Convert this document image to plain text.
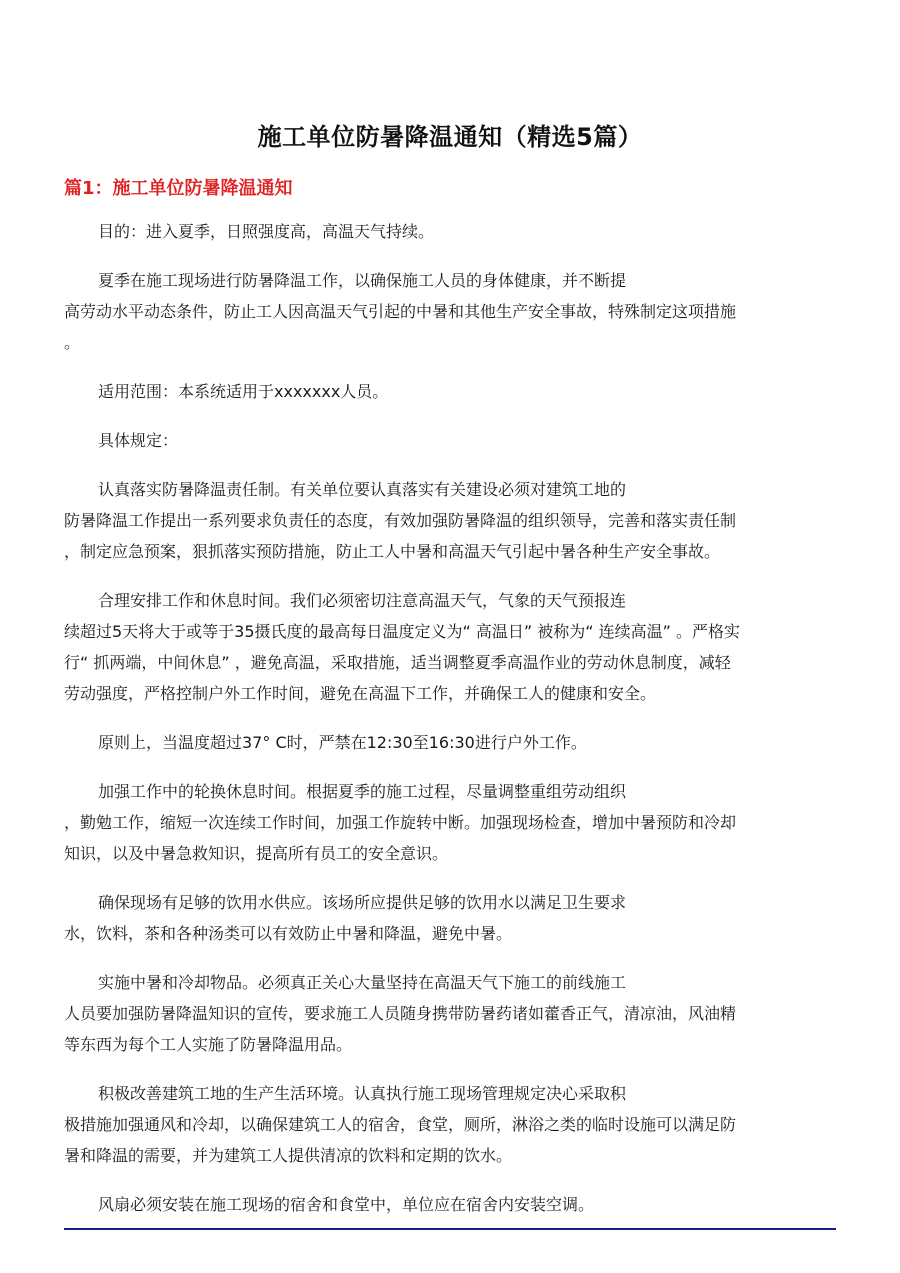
施工单位防暑降温通知（精选5篇）
篇1：施工单位防暑降温通知

目的：进入夏季，日照强度高，高温天气持续。

夏季在施工现场进行防暑降温工作，以确保施工人员的身体健康，并不断提
高劳动水平动态条件，防止工人因高温天气引起的中暑和其他生产安全事故，特殊制定这项措施
。

适用范围：本系统适用于xxxxxxx人员。

具体规定：

认真落实防暑降温责任制。有关单位要认真落实有关建设必须对建筑工地的
防暑降温工作提出一系列要求负责任的态度，有效加强防暑降温的组织领导，完善和落实责任制
，制定应急预案，狠抓落实预防措施，防止工人中暑和高温天气引起中暑各种生产安全事故。

合理安排工作和休息时间。我们必须密切注意高温天气，气象的天气预报连
续超过5天将大于或等于35摄氏度的最高每日温度定义为“ 高温日” 被称为“ 连续高温” 。严格实
行“ 抓两端，中间休息” ，避免高温，采取措施，适当调整夏季高温作业的劳动休息制度，减轻
劳动强度，严格控制户外工作时间，避免在高温下工作，并确保工人的健康和安全。

原则上，当温度超过37° C时，严禁在12:30至16:30进行户外工作。

加强工作中的轮换休息时间。根据夏季的施工过程，尽量调整重组劳动组织
，勤勉工作，缩短一次连续工作时间，加强工作旋转中断。加强现场检查，增加中暑预防和冷却
知识，以及中暑急救知识，提高所有员工的安全意识。

确保现场有足够的饮用水供应。该场所应提供足够的饮用水以满足卫生要求
水，饮料，茶和各种汤类可以有效防止中暑和降温，避免中暑。

实施中暑和冷却物品。必须真正关心大量坚持在高温天气下施工的前线施工
人员要加强防暑降温知识的宣传，要求施工人员随身携带防暑药诸如藿香正气，清凉油，风油精
等东西为每个工人实施了防暑降温用品。

积极改善建筑工地的生产生活环境。认真执行施工现场管理规定决心采取积
极措施加强通风和冷却，以确保建筑工人的宿舍，食堂，厕所，淋浴之类的临时设施可以满足防
暑和降温的需要，并为建筑工人提供清凉的饮料和定期的饮水。

风扇必须安装在施工现场的宿舍和食堂中，单位应在宿舍内安装空调。
